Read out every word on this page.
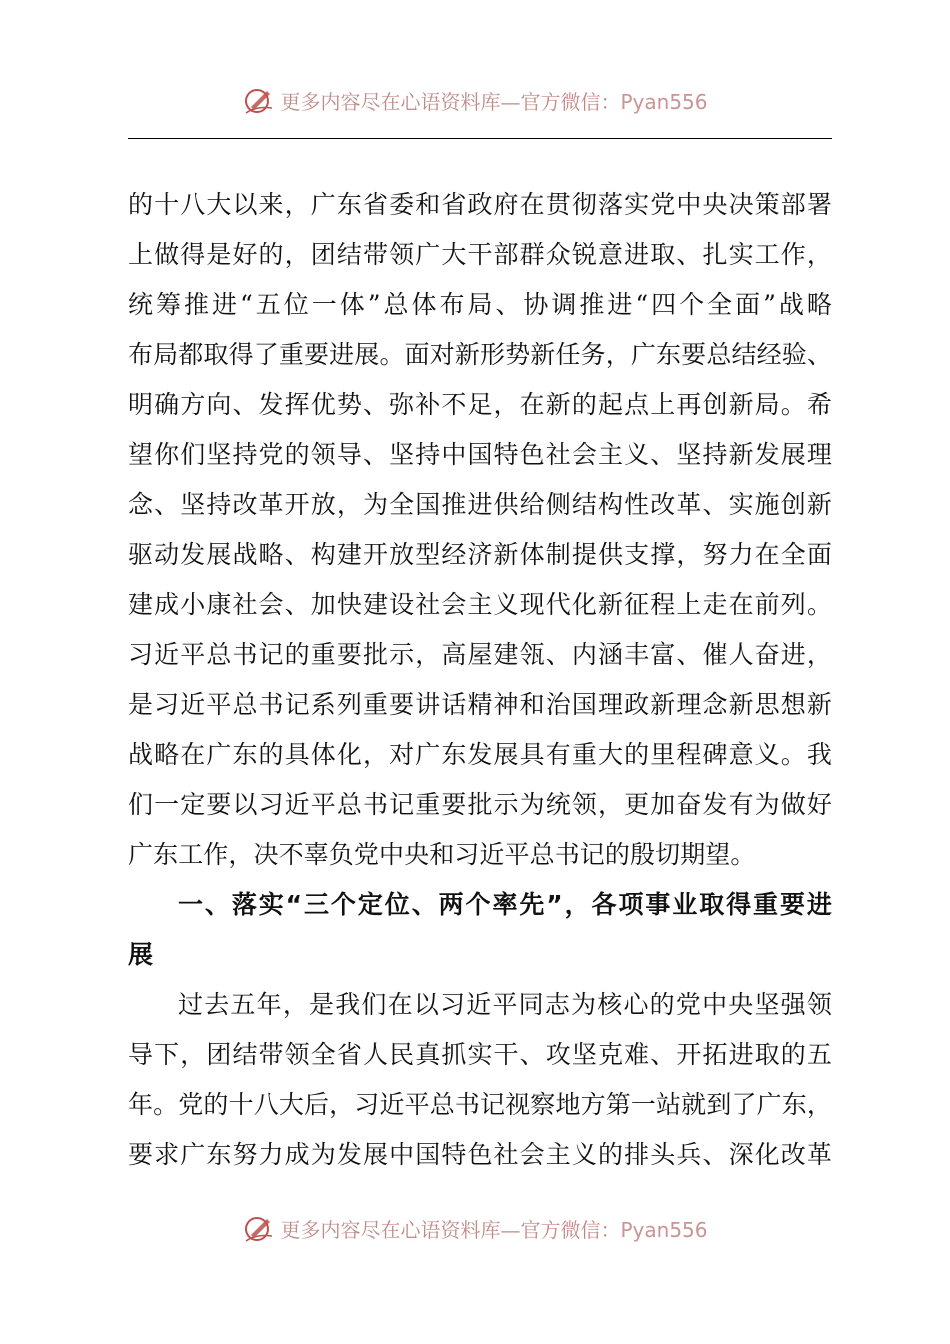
更多内容尽在心语资料库—官方微信：Pyan556
的十八大以来，广东省委和省政府在贯彻落实党中央决策部署
上做得是好的，团结带领广大干部群众锐意进取、扎实工作，
统筹推进“五位一体”总体布局、协调推进“四个全面”战略
布局都取得了重要进展。面对新形势新任务，广东要总结经验、
明确方向、发挥优势、弥补不足，在新的起点上再创新局。希
望你们坚持党的领导、坚持中国特色社会主义、坚持新发展理
念、坚持改革开放，为全国推进供给侧结构性改革、实施创新
驱动发展战略、构建开放型经济新体制提供支撑，努力在全面
建成小康社会、加快建设社会主义现代化新征程上走在前列。
习近平总书记的重要批示，高屋建瓴、内涵丰富、催人奋进，
是习近平总书记系列重要讲话精神和治国理政新理念新思想新
战略在广东的具体化，对广东发展具有重大的里程碑意义。我
们一定要以习近平总书记重要批示为统领，更加奋发有为做好
广东工作，决不辜负党中央和习近平总书记的殷切期望。
一、落实“三个定位、两个率先”，各项事业取得重要进
展
过去五年，是我们在以习近平同志为核心的党中央坚强领
导下，团结带领全省人民真抓实干、攻坚克难、开拓进取的五
年。党的十八大后，习近平总书记视察地方第一站就到了广东，
要求广东努力成为发展中国特色社会主义的排头兵、深化改革
更多内容尽在心语资料库—官方微信：Pyan556
